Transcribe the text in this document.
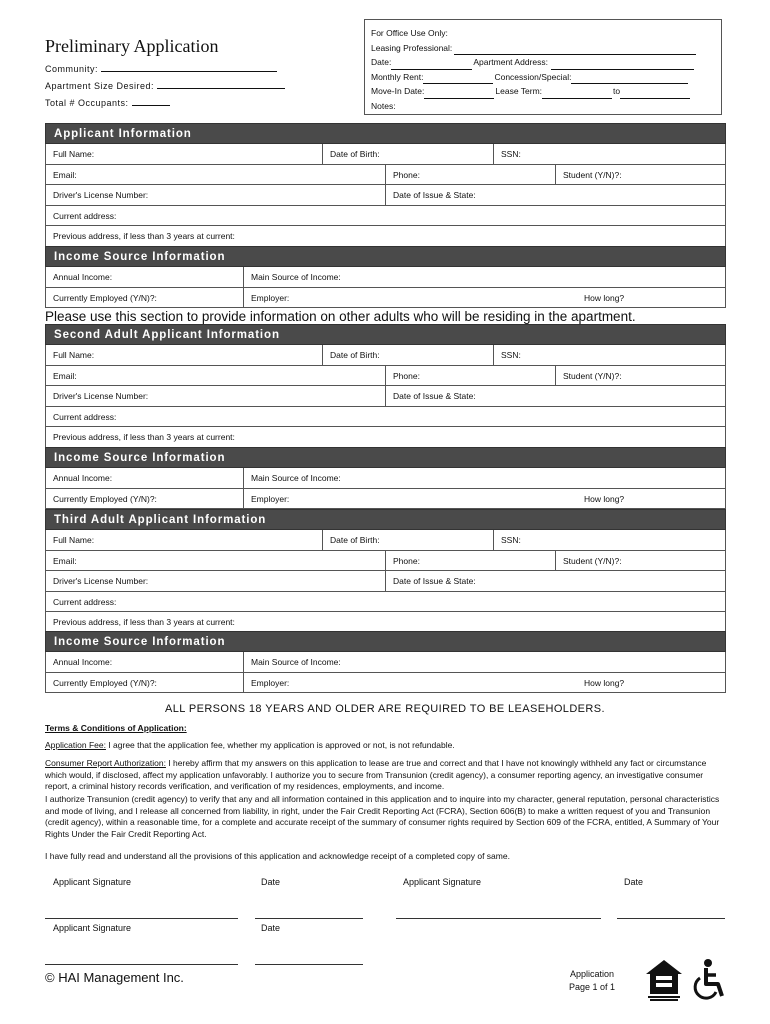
Preliminary Application
Community:
Apartment Size Desired:
Total # Occupants:
For Office Use Only:
Leasing Professional:
Date:	Apartment Address:
Monthly Rent:	Concession/Special:
Move-In Date:	Lease Term:	to
Notes:
Applicant Information
Full Name:	Date of Birth:	SSN:
Email:	Phone:	Student (Y/N)?:
Driver's License Number:	Date of Issue & State:
Current address:
Previous address, if less than 3 years at current:
Income Source Information
Annual Income:	Main Source of Income:
Currently Employed (Y/N)?:	Employer:	How long?
Please use this section to provide information on other adults who will be residing in the apartment.
Second Adult Applicant Information
Full Name:	Date of Birth:	SSN:
Email:	Phone:	Student (Y/N)?:
Driver's License Number:	Date of Issue & State:
Current address:
Previous address, if less than 3 years at current:
Income Source Information
Annual Income:	Main Source of Income:
Currently Employed (Y/N)?:	Employer:	How long?
Third Adult Applicant Information
Full Name:	Date of Birth:	SSN:
Email:	Phone:	Student (Y/N)?:
Driver's License Number:	Date of Issue & State:
Current address:
Previous address, if less than 3 years at current:
Income Source Information
Annual Income:	Main Source of Income:
Currently Employed (Y/N)?:	Employer:	How long?
ALL PERSONS 18 YEARS AND OLDER ARE REQUIRED TO BE LEASEHOLDERS.
Terms & Conditions of Application:
Application Fee: I agree that the application fee, whether my application is approved or not, is not refundable.
Consumer Report Authorization: I hereby affirm that my answers on this application to lease are true and correct and that I have not knowingly withheld any fact or circumstance which would, if disclosed, affect my application unfavorably. I authorize you to secure from Transunion (credit agency), a consumer reporting agency, an investigative consumer report, a criminal history records verification, and verification of my residences, employments, and income.
I authorize Transunion (credit agency) to verify that any and all information contained in this application and to inquire into my character, general reputation, personal characteristics and mode of living, and I release all concerned from liability, in right, under the Fair Credit Reporting Act (FCRA), Section 606(B) to make a written request of you and Transunion (credit agency), within a reasonable time, for a complete and accurate receipt of the summary of consumer rights required by Section 609 of the FCRA, entitled, A Summary of Your Rights Under the Fair Credit Reporting Act.
I have fully read and understand all the provisions of this application and acknowledge receipt of a completed copy of same.
Applicant Signature	Date	Applicant Signature	Date
Applicant Signature	Date
© HAI Management Inc.	Application
Page 1 of 1
